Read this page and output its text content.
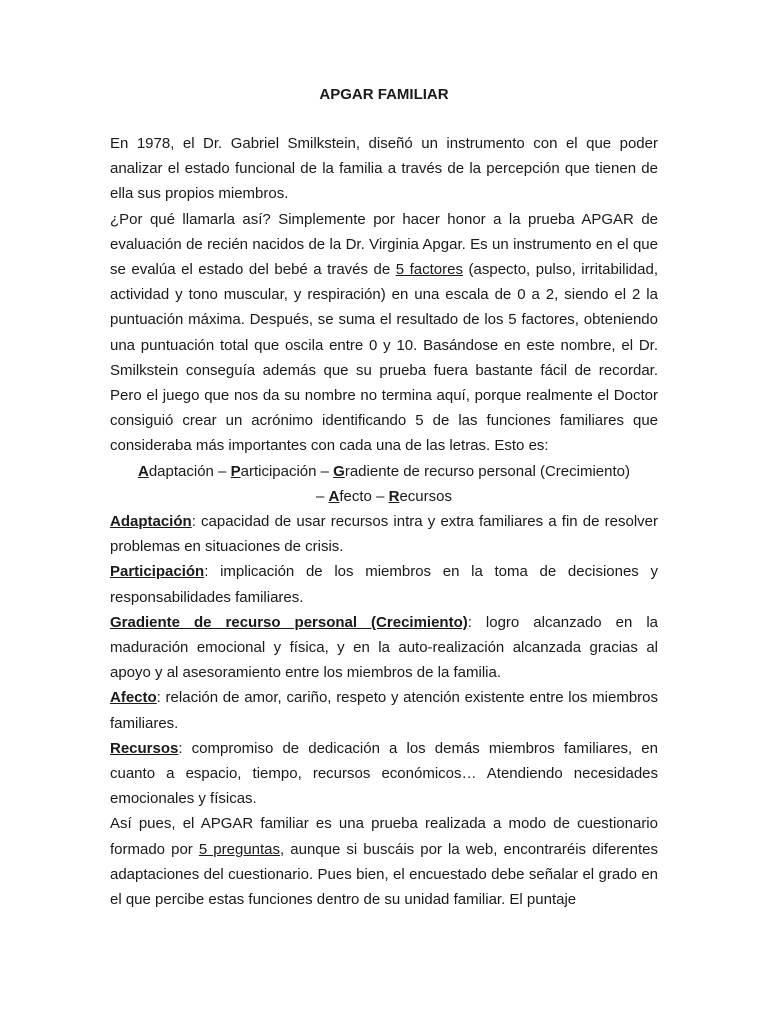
APGAR FAMILIAR

En 1978, el Dr. Gabriel Smilkstein, diseñó un instrumento con el que poder analizar el estado funcional de la familia a través de la percepción que tienen de ella sus propios miembros.

¿Por qué llamarla así? Simplemente por hacer honor a la prueba APGAR de evaluación de recién nacidos de la Dr. Virginia Apgar. Es un instrumento en el que se evalúa el estado del bebé a través de 5 factores (aspecto, pulso, irritabilidad, actividad y tono muscular, y respiración) en una escala de 0 a 2, siendo el 2 la puntuación máxima. Después, se suma el resultado de los 5 factores, obteniendo una puntuación total que oscila entre 0 y 10. Basándose en este nombre, el Dr. Smilkstein conseguía además que su prueba fuera bastante fácil de recordar. Pero el juego que nos da su nombre no termina aquí, porque realmente el Doctor consiguió crear un acrónimo identificando 5 de las funciones familiares que consideraba más importantes con cada una de las letras. Esto es:

Adaptación – Participación – Gradiente de recurso personal (Crecimiento)
– Afecto – Recursos

Adaptación: capacidad de usar recursos intra y extra familiares a fin de resolver problemas en situaciones de crisis.

Participación: implicación de los miembros en la toma de decisiones y responsabilidades familiares.

Gradiente de recurso personal (Crecimiento): logro alcanzado en la maduración emocional y física, y en la auto-realización alcanzada gracias al apoyo y al asesoramiento entre los miembros de la familia.

Afecto: relación de amor, cariño, respeto y atención existente entre los miembros familiares.

Recursos: compromiso de dedicación a los demás miembros familiares, en cuanto a espacio, tiempo, recursos económicos… Atendiendo necesidades emocionales y físicas.

Así pues, el APGAR familiar es una prueba realizada a modo de cuestionario formado por 5 preguntas, aunque si buscáis por la web, encontraréis diferentes adaptaciones del cuestionario. Pues bien, el encuestado debe señalar el grado en el que percibe estas funciones dentro de su unidad familiar. El puntaje
